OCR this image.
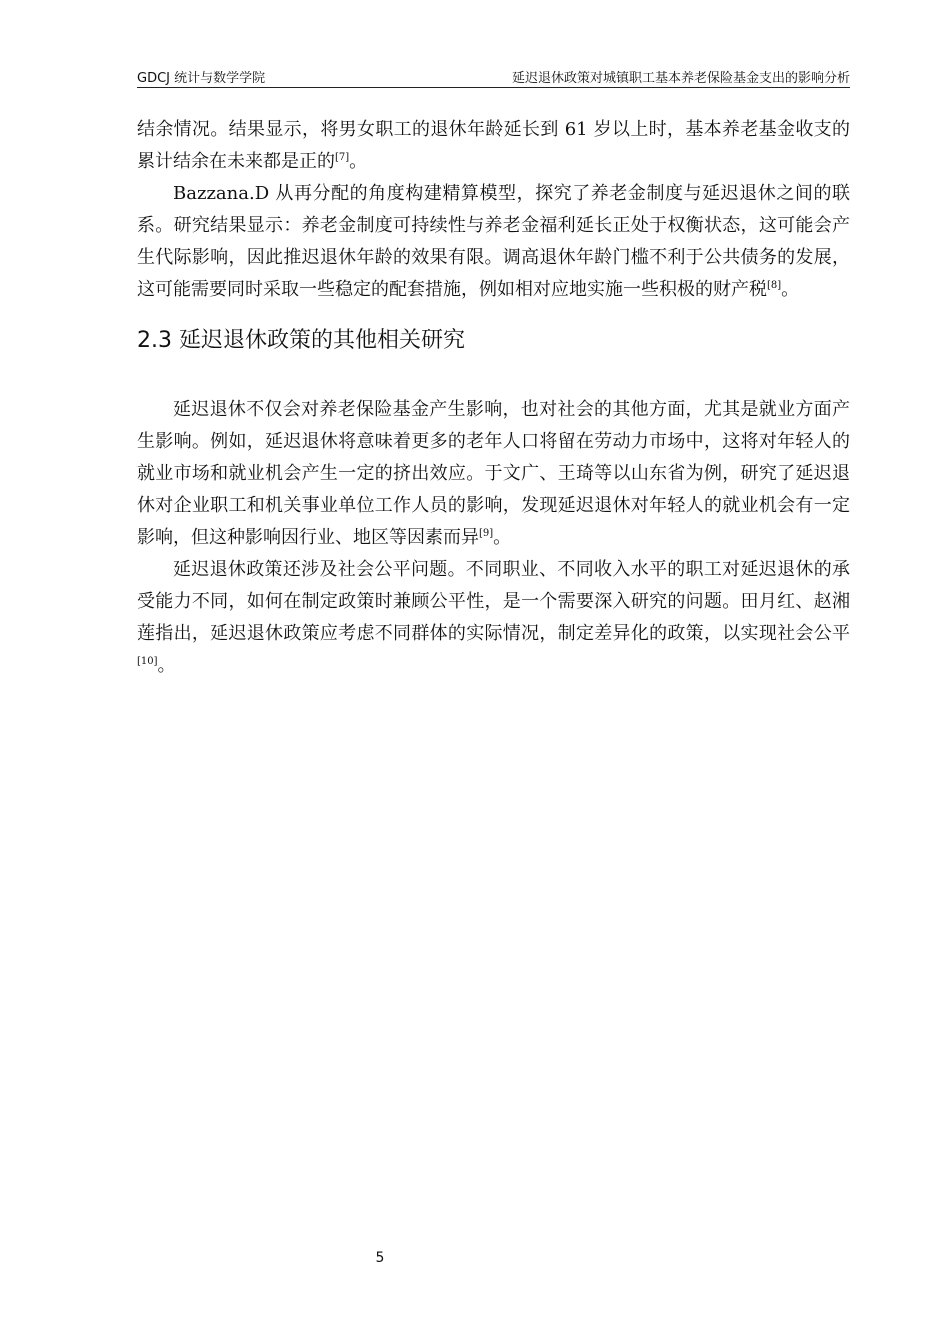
GDCJ 统计与数学学院	延迟退休政策对城镇职工基本养老保险基金支出的影响分析

结余情况。结果显示，将男女职工的退休年龄延长到 61 岁以上时，基本养老基金收支的累计结余在未来都是正的[7]。

Bazzana.D 从再分配的角度构建精算模型，探究了养老金制度与延迟退休之间的联系。研究结果显示：养老金制度可持续性与养老金福利延长正处于权衡状态，这可能会产生代际影响，因此推迟退休年龄的效果有限。调高退休年龄门槛不利于公共债务的发展，这可能需要同时采取一些稳定的配套措施，例如相对应地实施一些积极的财产税[8]。

2.3 延迟退休政策的其他相关研究

延迟退休不仅会对养老保险基金产生影响，也对社会的其他方面，尤其是就业方面产生影响。例如，延迟退休将意味着更多的老年人口将留在劳动力市场中，这将对年轻人的就业市场和就业机会产生一定的挤出效应。于文广、王琦等以山东省为例，研究了延迟退休对企业职工和机关事业单位工作人员的影响，发现延迟退休对年轻人的就业机会有一定影响，但这种影响因行业、地区等因素而异[9]。

延迟退休政策还涉及社会公平问题。不同职业、不同收入水平的职工对延迟退休的承受能力不同，如何在制定政策时兼顾公平性，是一个需要深入研究的问题。田月红、赵湘莲指出，延迟退休政策应考虑不同群体的实际情况，制定差异化的政策，以实现社会公平[10]。

5
